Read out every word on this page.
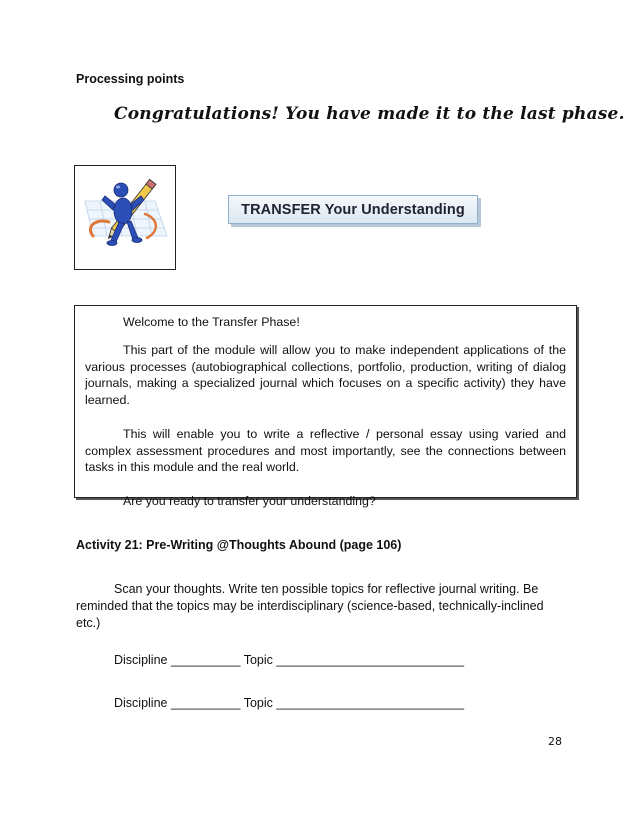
Processing points
Congratulations! You have made it to the last phase.
TRANSFER Your Understanding

Welcome to the Transfer Phase!

This part of the module will allow you to make independent applications of the various processes (autobiographical collections, portfolio, production, writing of dialog journals, making a specialized journal which focuses on a specific activity) they have learned.

This will enable you to write a reflective / personal essay using varied and complex assessment procedures and most importantly, see the connections between tasks in this module and the real world.

Are you ready to transfer your understanding?

Activity 21: Pre-Writing @Thoughts Abound (page 106)

Scan your thoughts. Write ten possible topics for reflective journal writing. Be reminded that the topics may be interdisciplinary (science-based, technically-inclined etc.)

Discipline __________ Topic ___________________________
Discipline __________ Topic ___________________________
28
